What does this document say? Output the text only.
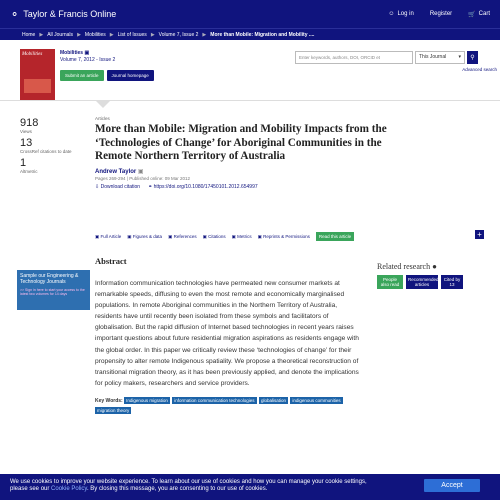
⚬ Taylor & Francis Online	☺ Log in	Register	🛒 Cart
Home ▶ All Journals ▶ Mobilities ▶ List of Issues ▶ Volume 7, Issue 2 ▶ More than Mobile: Migration and Mobility ....
Mobilities	Mobilities ▣
Volume 7, 2012 - Issue 2
Submit an article	Journal homepage
Enter keywords, authors, DOI, ORCID et	This Journal ▾ ⚲
Advanced search
918
Views
13
CrossRef citations to date
1
Altmetric
Articles
More than Mobile: Migration and Mobility Impacts from the ‘Technologies of Change’ for Aboriginal Communities in the Remote Northern Territory of Australia
Andrew Taylor ▣
Pages 269-294 | Published online: 09 Mar 2012
⇩ Download citation ⚭ https://doi.org/10.1080/17450101.2012.654997
▣ Full Article ▣ Figures & data ▣ References ▣ Citations ▣ Metrics ▣ Reprints & Permissions	Read this article	+
Sample our Engineering & Technology Journals
>> Sign in here to start your access to the latest two volumes for 14 days
Abstract
Information communication technologies have permeated new consumer markets at remarkable speeds, diffusing to even the most remote and economically marginalised populations. In remote Aboriginal communities in the Northern Territory of Australia, residents have until recently been isolated from these symbols and facilitators of globalisation. But the rapid diffusion of Internet based technologies in recent years raises important questions about future residential migration aspirations as residents engage with the global order. In this paper we critically review these ‘technologies of change’ for their propensity to alter remote Indigenous spatiality. We propose a theoretical reconstruction of transitional migration theory, as it has been previously applied, and denote the implications for policy makers, researchers and service providers.
Key Words: Indigenous migration information communication technologies globalisation indigenous communities migration theory
Related research ●
People also read
Recommended articles
Cited by 13
We use cookies to improve your website experience. To learn about our use of cookies and how you can manage your cookie settings,
please see our Cookie Policy. By closing this message, you are consenting to our use of cookies.	Accept
